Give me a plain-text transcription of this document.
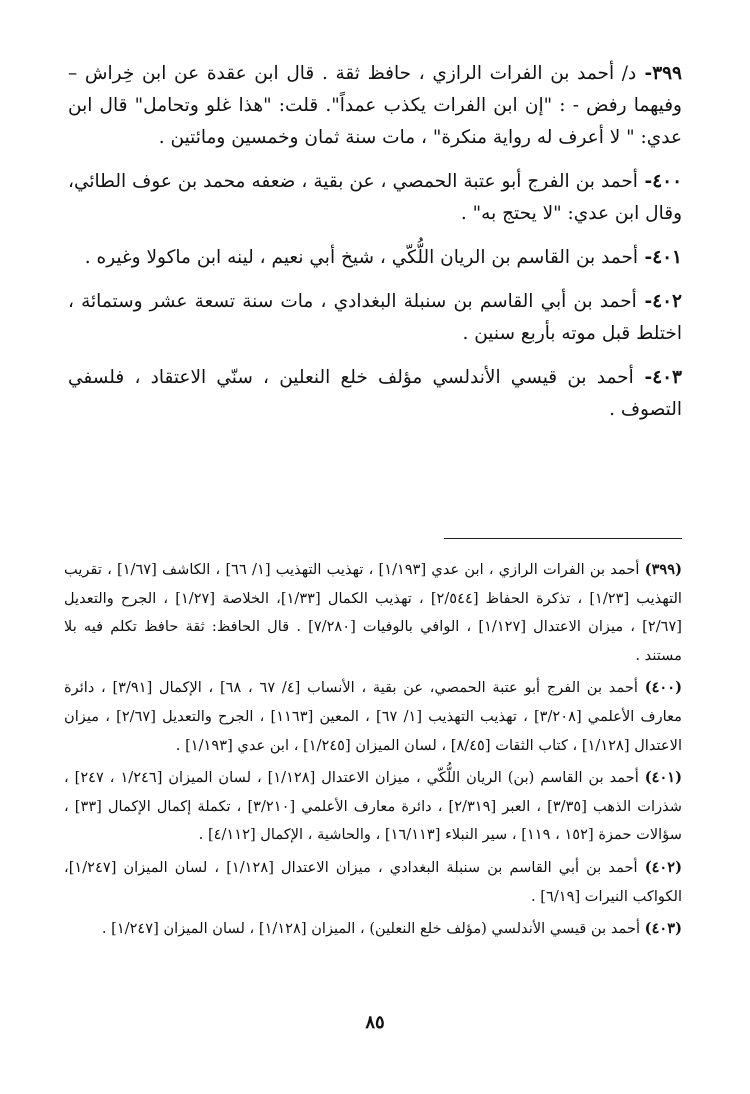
٣٩٩- د/ أحمد بن الفرات الرازي ، حافظ ثقة . قال ابن عقدة عن ابن خِراش – وفيهما رفض - : "إن ابن الفرات يكذب عمداً". قلت: "هذا غلو وتحامل" قال ابن عدي: " لا أعرف له رواية منكرة" ، مات سنة ثمان وخمسين ومائتين .

٤٠٠- أحمد بن الفرج أبو عتبة الحمصي ، عن بقية ، ضعفه محمد بن عوف الطائي، وقال ابن عدي: "لا يحتج به" .

٤٠١- أحمد بن القاسم بن الريان اللُّكّي ، شيخ أبي نعيم ، لينه ابن ماكولا وغيره .

٤٠٢- أحمد بن أبي القاسم بن سنبلة البغدادي ، مات سنة تسعة عشر وستمائة ، اختلط قبل موته بأربع سنين .

٤٠٣- أحمد بن قيسي الأندلسي مؤلف خلع النعلين ، سنّي الاعتقاد ، فلسفي التصوف .

(٣٩٩) أحمد بن الفرات الرازي ، ابن عدي [١/١٩٣] ، تهذيب التهذيب [١/ ٦٦] ، الكاشف [١/٦٧] ، تقريب التهذيب [١/٢٣] ، تذكرة الحفاظ [٢/٥٤٤] ، تهذيب الكمال [١/٣٣]، الخلاصة [١/٢٧] ، الجرح والتعديل [٢/٦٧] ، ميزان الاعتدال [١/١٢٧] ، الوافي بالوفيات [٧/٢٨٠] . قال الحافظ: ثقة حافظ تكلم فيه بلا مستند .

(٤٠٠) أحمد بن الفرج أبو عتبة الحمصي، عن بقية ، الأنساب [٤/ ٦٧ ، ٦٨] ، الإكمال [٣/٩١] ، دائرة معارف الأعلمي [٣/٢٠٨] ، تهذيب التهذيب [١/ ٦٧] ، المعين [١١٦٣] ، الجرح والتعديل [٢/٦٧] ، ميزان الاعتدال [١/١٢٨] ، كتاب الثقات [٨/٤٥] ، لسان الميزان [١/٢٤٥] ، ابن عدي [١/١٩٣] .

(٤٠١) أحمد بن القاسم (بن) الريان اللُّكّي ، ميزان الاعتدال [١/١٢٨] ، لسان الميزان [١/٢٤٦ ، ٢٤٧] ، شذرات الذهب [٣/٣٥] ، العبر [٢/٣١٩] ، دائرة معارف الأعلمي [٣/٢١٠] ، تكملة إكمال الإكمال [٣٣] ، سؤالات حمزة [١٥٢ ، ١١٩] ، سير النبلاء [١٦/١١٣] ، والحاشية ، الإكمال [٤/١١٢] .

(٤٠٢) أحمد بن أبي القاسم بن سنبلة البغدادي ، ميزان الاعتدال [١/١٢٨] ، لسان الميزان [١/٢٤٧]، الكواكب النيرات [٦/١٩] .

(٤٠٣) أحمد بن قيسي الأندلسي (مؤلف خلع النعلين) ، الميزان [١/١٢٨] ، لسان الميزان [١/٢٤٧] .

٨٥
